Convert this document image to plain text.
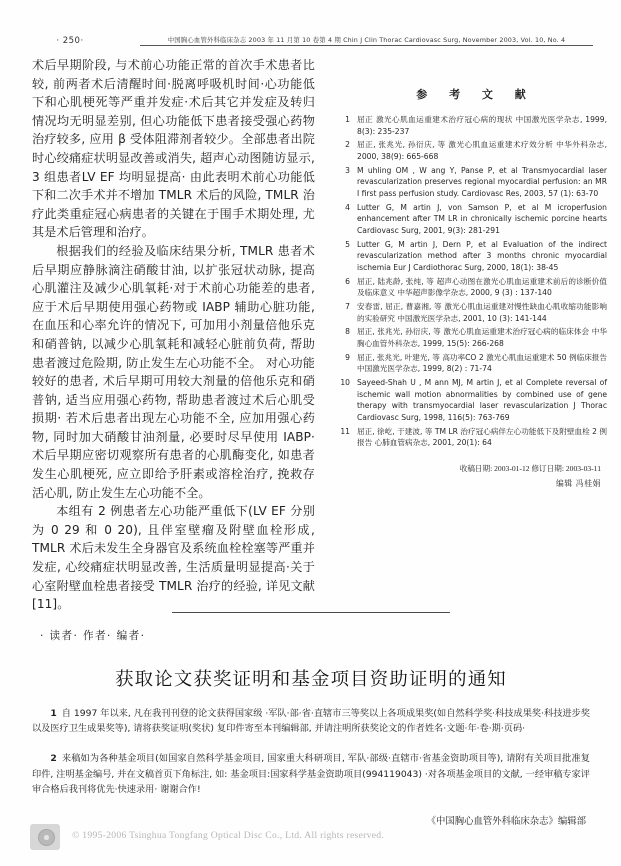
· 250·	中国胸心血管外科临床杂志 2003 年 11 月第 10 卷第 4 期 Chin J Clin Thorac Cardiovasc Surg, November 2003, Vol. 10, No. 4

术后早期阶段, 与术前心功能正常的首次手术患者比较, 前两者术后清醒时间·脱离呼吸机时间·心功能低下和心肌梗死等严重并发症·术后其它并发症及转归情况均无明显差别, 但心功能低下患者接受强心药物治疗较多, 应用 β 受体阻滞剂者较少。全部患者出院时心绞痛症状明显改善或消失, 超声心动图随访显示, 3 组患者LV EF 均明显提高· 由此表明术前心功能低下和二次手术并不增加 TMLR 术后的风险, TMLR 治疗此类重症冠心病患者的关键在于围手术期处理, 尤其是术后管理和治疗。

根据我们的经验及临床结果分析, TMLR 患者术后早期应静脉滴注硝酸甘油, 以扩张冠状动脉, 提高心肌灌注及减少心肌氧耗·对于术前心功能差的患者, 应于术后早期使用强心药物或 IABP 辅助心脏功能, 在血压和心率允许的情况下, 可加用小剂量倍他乐克和硝普钠, 以减少心肌氧耗和减轻心脏前负荷, 帮助患者渡过危险期, 防止发生左心功能不全。 对心功能较好的患者, 术后早期可用较大剂量的倍他乐克和硝普钠, 适当应用强心药物, 帮助患者渡过术后心肌受损期· 若术后患者出现左心功能不全, 应加用强心药物, 同时加大硝酸甘油剂量, 必要时尽早使用 IABP· 术后早期应密切观察所有患者的心肌酶变化, 如患者发生心肌梗死, 应立即给予肝素或溶栓治疗, 挽救存活心肌, 防止发生左心功能不全。

本组有 2 例患者左心功能严重低下(LV EF 分别为 0 29 和 0 20), 且伴室壁瘤及附壁血栓形成, TMLR 术后未发生全身器官及系统血栓栓塞等严重并发症, 心绞痛症状明显改善, 生活质量明显提高·关于心室附壁血栓患者接受 TMLR 治疗的经验, 详见文献[11]。

参 考 文 献
1 屈正 激光心肌血运重建术治疗冠心病的现状 中国激光医学杂志, 1999, 8(3): 235-237
2 屈正, 张兆光, 孙衍庆, 等 激光心肌血运重建术疗效分析 中华外科杂志, 2000, 38(9): 665-668
3 M uhling OM , W ang Y, Panse P, et al Transmyocardial laser revascularization preserves regional myocardial perfusion: an MR I first pass perfusion study. Cardiovasc Res, 2003, 57 (1): 63-70
4 Lutter G, M artin J, von Samson P, et al M icroperfusion enhancement after TM LR in chronically ischemic porcine hearts Cardiovasc Surg, 2001, 9(3): 281-291
5 Lutter G, M artin J, Dern P, et al Evaluation of the indirect revascularization method after 3 months chronic myocardial ischemia Eur J Cardiothorac Surg, 2000, 18(1): 38-45
6 屈正, 陆兆龄, 张纯, 等 超声心动图在激光心肌血运重建术前后的诊断价值及临床意义 中华超声影像学杂志, 2000, 9 (3) : 137-140
7 安春雷, 屈正, 曹嘉湘, 等 激光心肌血运重建对慢性缺血心肌收缩功能影响的实验研究 中国激光医学杂志, 2001, 10 (3): 141-144
8 屈正, 张兆光, 孙衍庆, 等 激光心肌血运重建术治疗冠心病的临床体会 中华胸心血管外科杂志, 1999, 15(5): 266-268
9 屈正, 张兆光, 叶建光, 等 高功率CO 2 激光心肌血运重建术 50 例临床报告 中国激光医学杂志, 1999, 8(2) : 71-74
10 Sayeed-Shah U , M ann MJ, M artin J, et al Complete reversal of ischemic wall motion abnormalities by combined use of gene therapy with transmyocardial laser revascularization J Thorac Cardiovasc Surg, 1998, 116(5): 763-769
11 屈正, 徐屹, 于建波, 等 TM LR 治疗冠心病伴左心功能低下及附壁血栓 2 例报告 心肺血管病杂志, 2001, 20(1): 64
收稿日期: 2003-01-12 修订日期: 2003-03-11
编辑 冯桂娟
· 读者· 作者· 编者·
获取论文获奖证明和基金项目资助证明的通知

1 自 1997 年以来, 凡在我刊刊登的论文获得国家级 ·军队·部·省·直辖市三等奖以上各项成果奖(如自然科学奖·科技成果奖·科技进步奖以及医疗卫生成果奖等), 请将获奖证明(奖状) 复印件寄至本刊编辑部, 并请注明所获奖论文的作者姓名·文题·年·卷·期·页码·

2 来稿如为各种基金项目(如国家自然科学基金项目, 国家重大科研项目, 军队·部级·直辖市·省基金资助项目等), 请附有关项目批准复印件, 注明基金编号, 并在文稿首页下角标注, 如: 基金项目:国家科学基金资助项目(994119043) ·对各项基金项目的文献, 一经审稿专家评审合格后我刊将优先·快速录用· 谢谢合作!

《中国胸心血管外科临床杂志》编辑部
© 1995-2006 Tsinghua Tongfang Optical Disc Co., Ltd. All rights reserved.
